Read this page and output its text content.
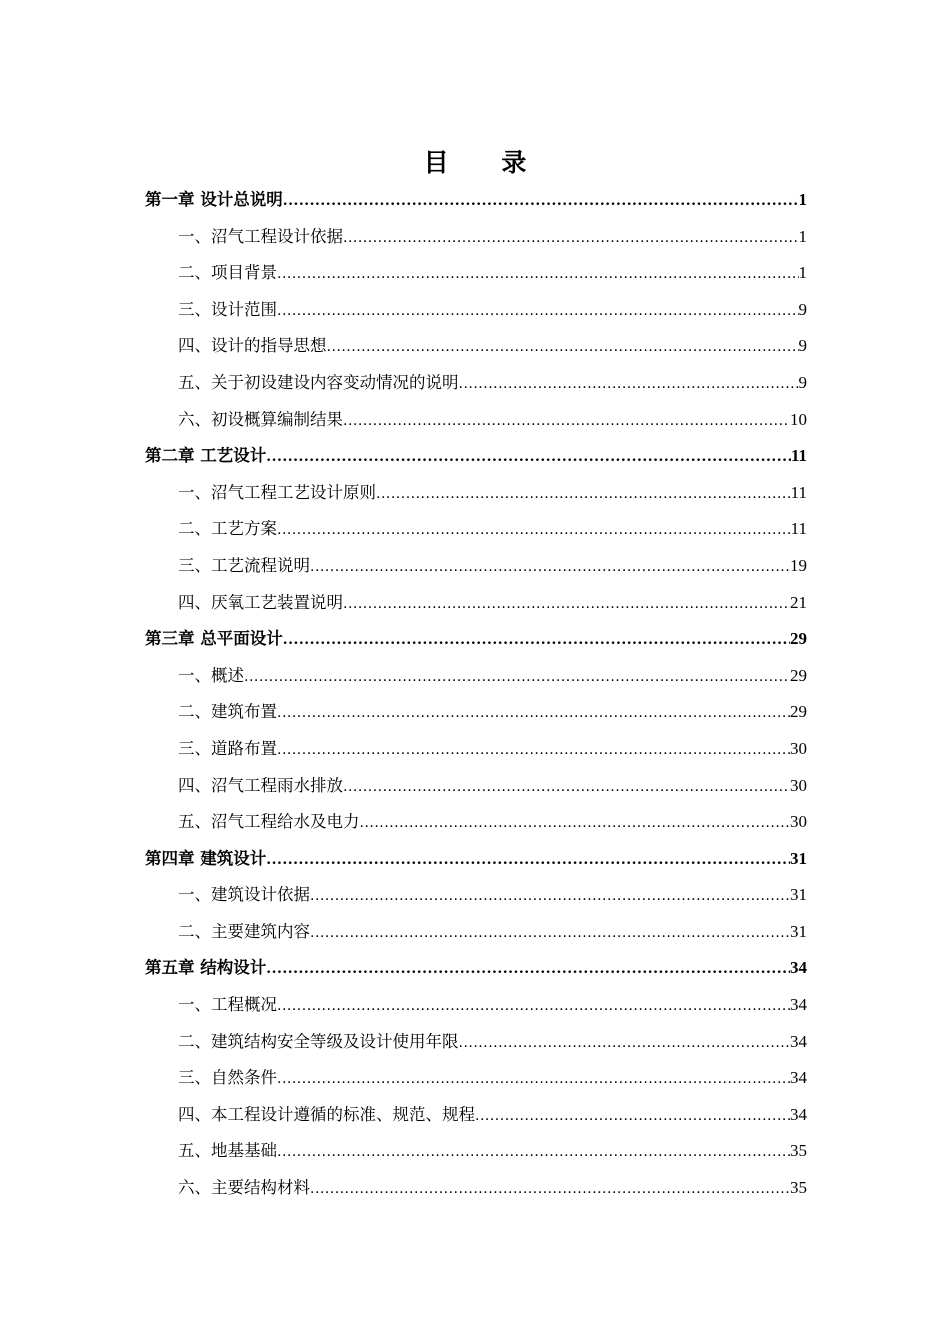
目 录
第一章 设计总说明 .....	1
一、沼气工程设计依据 .....	1
二、项目背景 .....	1
三、设计范围 .....	9
四、设计的指导思想 .....	9
五、关于初设建设内容变动情况的说明 .....	9
六、初设概算编制结果 .....	10
第二章 工艺设计 .....	11
一、沼气工程工艺设计原则 .....	11
二、工艺方案 .....	11
三、工艺流程说明 .....	19
四、厌氧工艺装置说明 .....	21
第三章 总平面设计 .....	29
一、概述 .....	29
二、建筑布置 .....	29
三、道路布置 .....	30
四、沼气工程雨水排放 .....	30
五、沼气工程给水及电力 .....	30
第四章 建筑设计 .....	31
一、建筑设计依据 .....	31
二、主要建筑内容 .....	31
第五章 结构设计 .....	34
一、工程概况 .....	34
二、建筑结构安全等级及设计使用年限 .....	34
三、自然条件 .....	34
四、本工程设计遵循的标准、规范、规程 .....	34
五、地基基础 .....	35
六、主要结构材料 .....	35
